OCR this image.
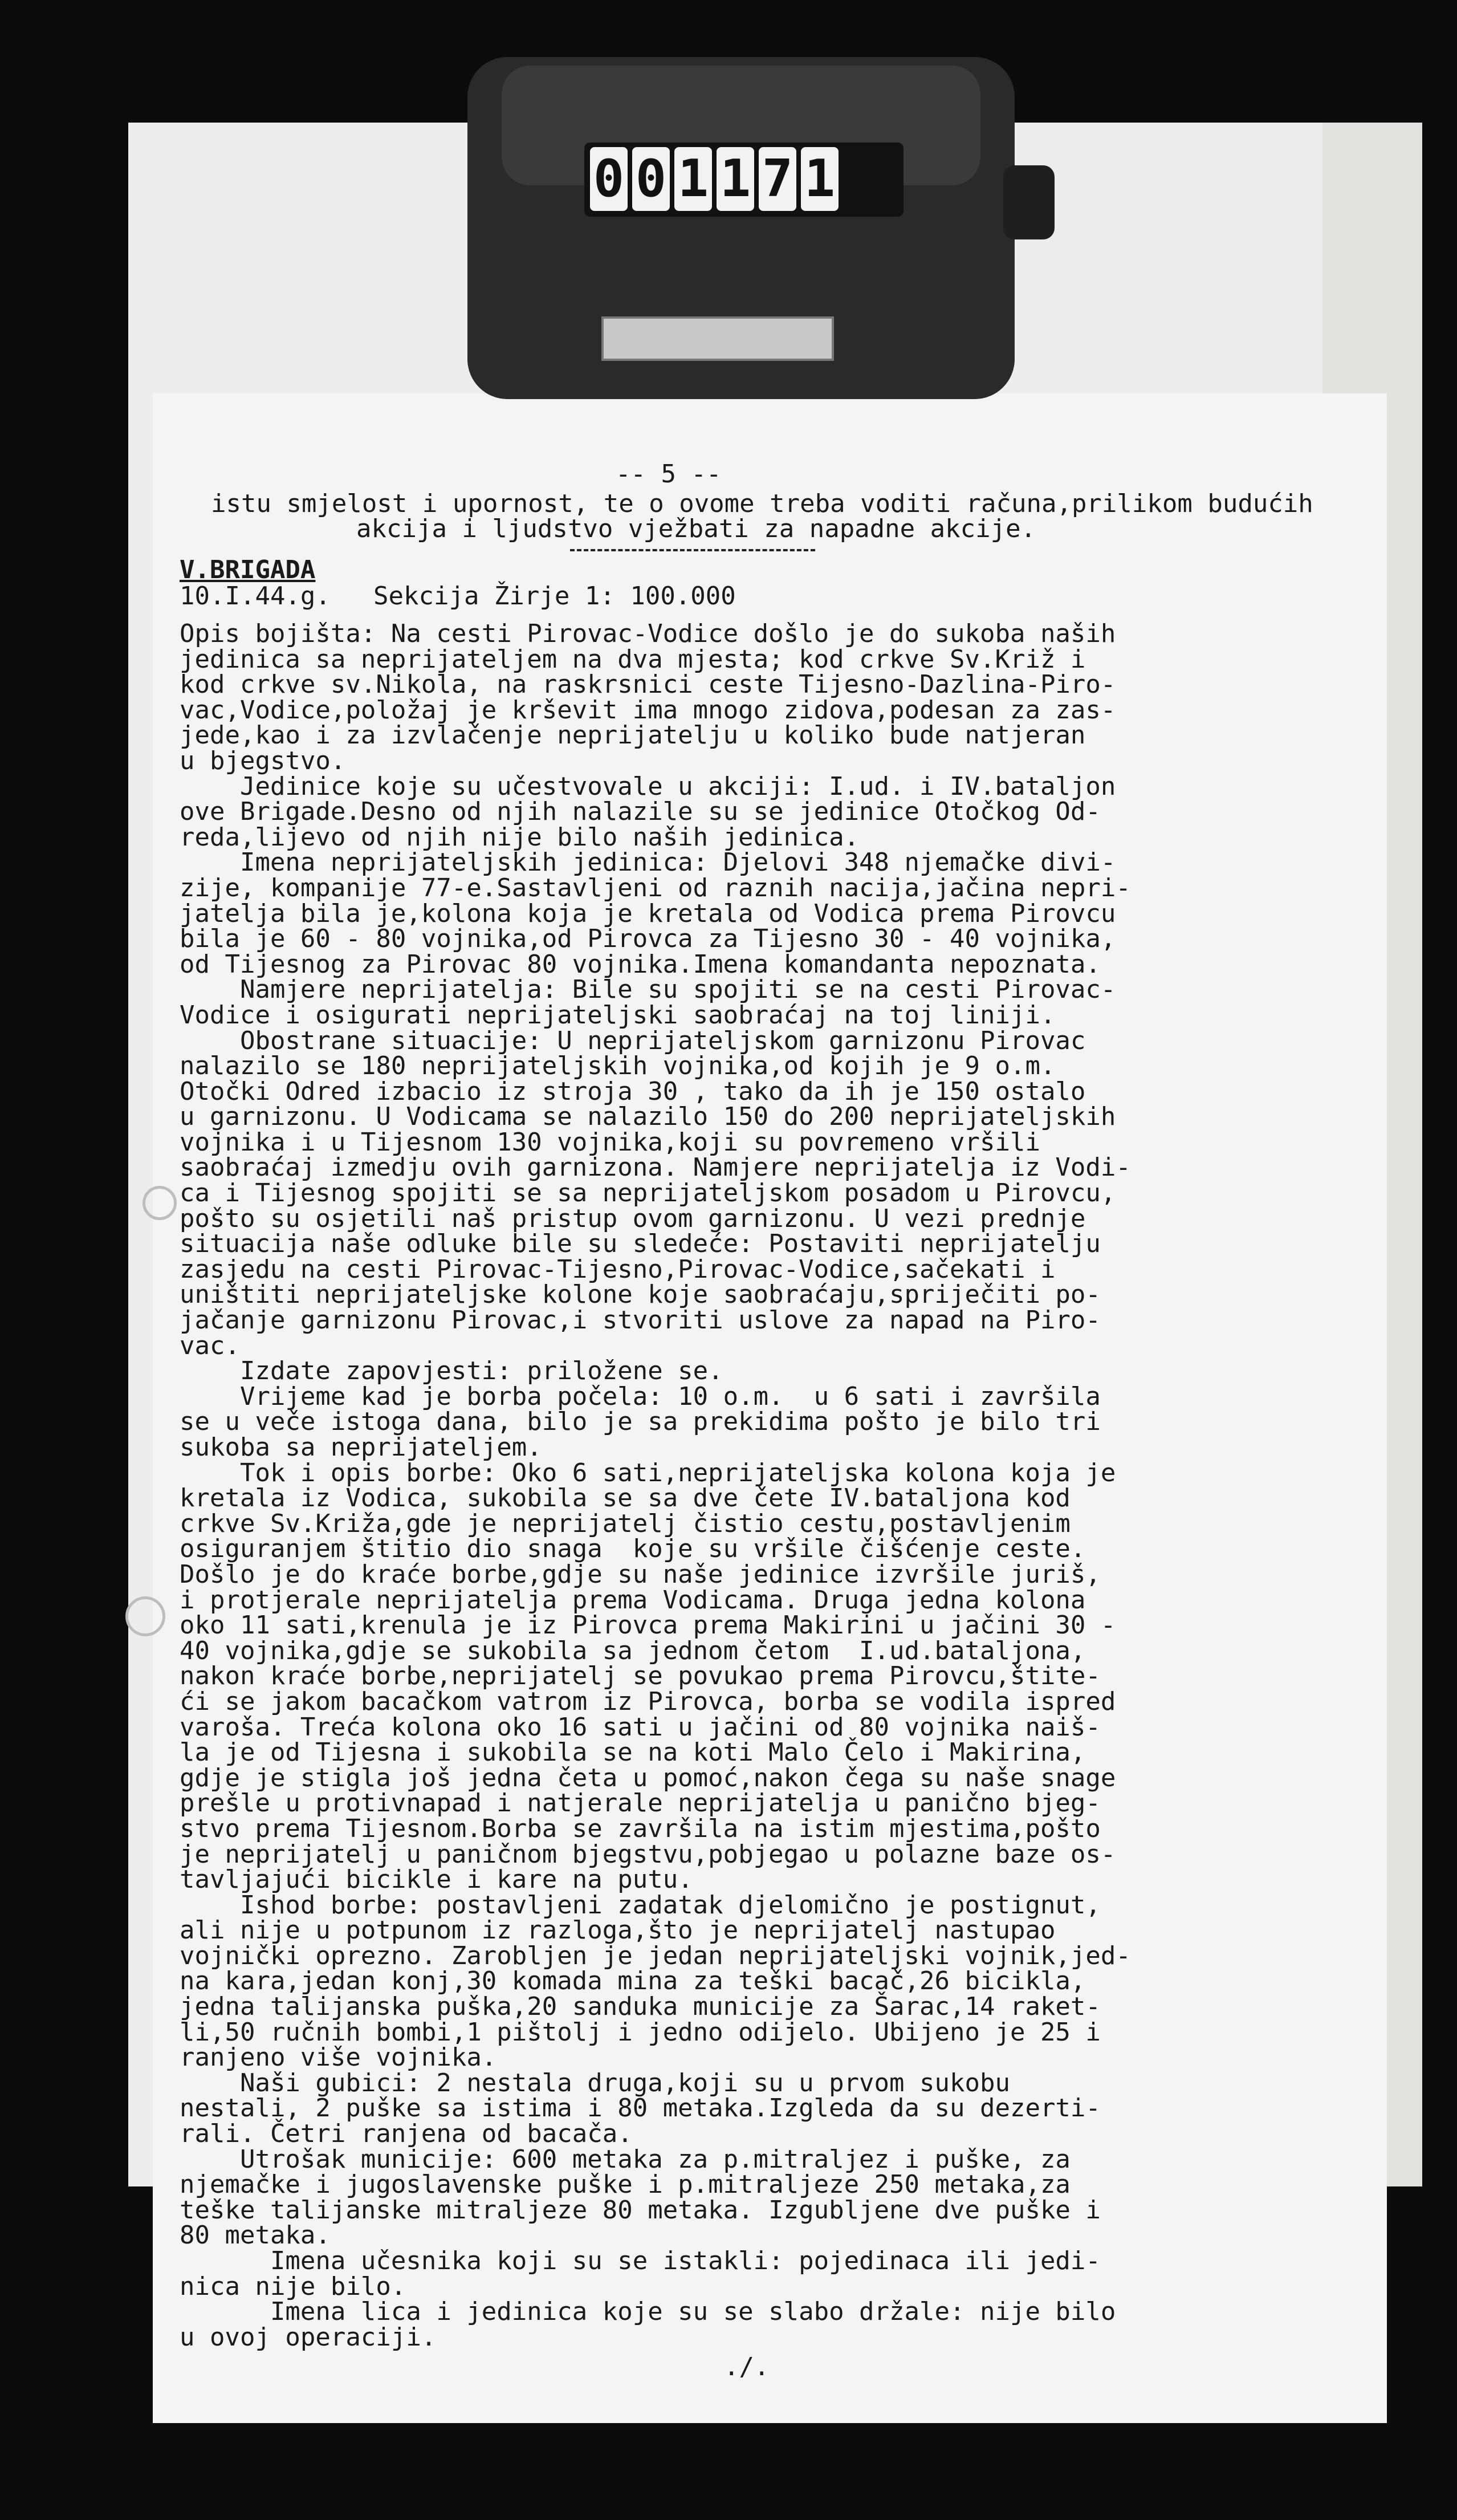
0 0 1 1 7 1
-- 5 --
istu smjelost i upornost, te o ovome treba voditi računa,prilikom budućih
akcija i ljudstvo vježbati za napadne akcije.
V.BRIGADA
10.I.44.g. Sekcija Žirje 1: 100.000
Opis bojišta: Na cesti Pirovac-Vodice došlo je do sukoba naših
jedinica sa neprijateljem na dva mjesta; kod crkve Sv.Križ i
kod crkve sv.Nikola, na raskrsnici ceste Tijesno-Dazlina-Piro-
vac,Vodice,položaj je krševit ima mnogo zidova,podesan za zas-
jede,kao i za izvlačenje neprijatelju u koliko bude natjeran
u bjegstvo.
Jedinice koje su učestvovale u akciji: I.ud. i IV.bataljon
ove Brigade.Desno od njih nalazile su se jedinice Otočkog Od-
reda,lijevo od njih nije bilo naših jedinica.
Imena neprijateljskih jedinica: Djelovi 348 njemačke divi-
zije, kompanije 77-e.Sastavljeni od raznih nacija,jačina nepri-
jatelja bila je,kolona koja je kretala od Vodica prema Pirovcu
bila je 60 - 80 vojnika,od Pirovca za Tijesno 30 - 40 vojnika,
od Tijesnog za Pirovac 80 vojnika.Imena komandanta nepoznata.
Namjere neprijatelja: Bile su spojiti se na cesti Pirovac-
Vodice i osigurati neprijateljski saobraćaj na toj liniji.
Obostrane situacije: U neprijateljskom garnizonu Pirovac
nalazilo se 180 neprijateljskih vojnika,od kojih je 9 o.m.
Otočki Odred izbacio iz stroja 30 , tako da ih je 150 ostalo
u garnizonu. U Vodicama se nalazilo 150 do 200 neprijateljskih
vojnika i u Tijesnom 130 vojnika,koji su povremeno vršili
saobraćaj izmedju ovih garnizona. Namjere neprijatelja iz Vodi-
ca i Tijesnog spojiti se sa neprijateljskom posadom u Pirovcu,
pošto su osjetili naš pristup ovom garnizonu. U vezi prednje
situacija naše odluke bile su sledeće: Postaviti neprijatelju
zasjedu na cesti Pirovac-Tijesno,Pirovac-Vodice,sačekati i
uništiti neprijateljske kolone koje saobraćaju,spriječiti po-
jačanje garnizonu Pirovac,i stvoriti uslove za napad na Piro-
vac.
Izdate zapovjesti: priložene se.
Vrijeme kad je borba počela: 10 o.m.  u 6 sati i završila
se u veče istoga dana, bilo je sa prekidima pošto je bilo tri
sukoba sa neprijateljem.
Tok i opis borbe: Oko 6 sati,neprijateljska kolona koja je
kretala iz Vodica, sukobila se sa dve čete IV.bataljona kod
crkve Sv.Križa,gde je neprijatelj čistio cestu,postavljenim
osiguranjem štitio dio snaga  koje su vršile čišćenje ceste.
Došlo je do kraće borbe,gdje su naše jedinice izvršile juriš,
i protjerale neprijatelja prema Vodicama. Druga jedna kolona
oko 11 sati,krenula je iz Pirovca prema Makirini u jačini 30 -
40 vojnika,gdje se sukobila sa jednom četom  I.ud.bataljona,
nakon kraće borbe,neprijatelj se povukao prema Pirovcu,štite-
ći se jakom bacačkom vatrom iz Pirovca, borba se vodila ispred
varoša. Treća kolona oko 16 sati u jačini od 80 vojnika naiš-
la je od Tijesna i sukobila se na koti Malo Čelo i Makirina,
gdje je stigla još jedna četa u pomoć,nakon čega su naše snage
prešle u protivnapad i natjerale neprijatelja u panično bjeg-
stvo prema Tijesnom.Borba se završila na istim mjestima,pošto
je neprijatelj u paničnom bjegstvu,pobjegao u polazne baze os-
tavljajući bicikle i kare na putu.
Ishod borbe: postavljeni zadatak djelomično je postignut,
ali nije u potpunom iz razloga,što je neprijatelj nastupao
vojnički oprezno. Zarobljen je jedan neprijateljski vojnik,jed-
na kara,jedan konj,30 komada mina za teški bacač,26 bicikla,
jedna talijanska puška,20 sanduka municije za Šarac,14 raket-
li,50 ručnih bombi,1 pištolj i jedno odijelo. Ubijeno je 25 i
ranjeno više vojnika.
Naši gubici: 2 nestala druga,koji su u prvom sukobu
nestali, 2 puške sa istima i 80 metaka.Izgleda da su dezerti-
rali. Četri ranjena od bacača.
Utrošak municije: 600 metaka za p.mitraljez i puške, za
njemačke i jugoslavenske puške i p.mitraljeze 250 metaka,za
teške talijanske mitraljeze 80 metaka. Izgubljene dve puške i
80 metaka.
Imena učesnika koji su se istakli: pojedinaca ili jedi-
nica nije bilo.
Imena lica i jedinica koje su se slabo držale: nije bilo
u ovoj operaciji.
./.
